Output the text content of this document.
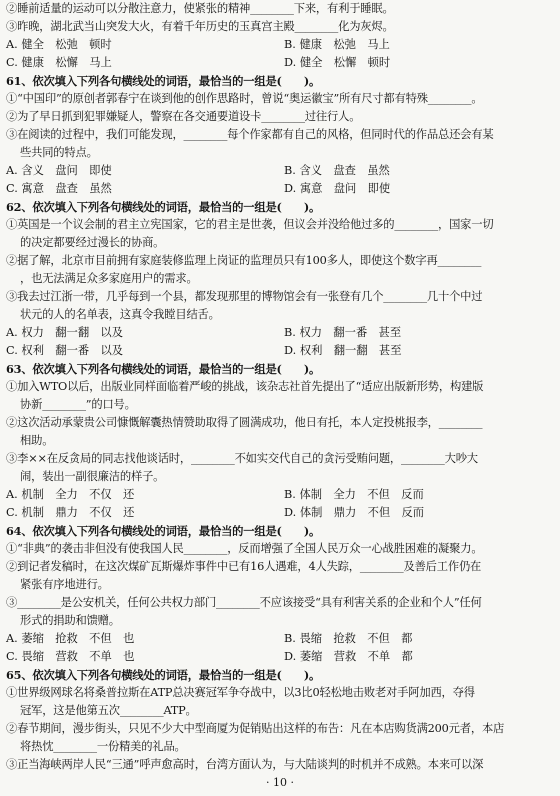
②睡前适量的运动可以分散注意力，使紧张的精神________下来，有利于睡眠。
③昨晚，湖北武当山突发大火，有着千年历史的玉真宫主殿________化为灰烬。
A. 健全　松弛　顿时	B. 健康　松弛　马上
C. 健康　松懈　马上	D. 健全　松懈　顿时
61、依次填入下列各句横线处的词语，最恰当的一组是(　　)。
①“中国印”的原创者郭春宁在谈到他的创作思路时，曾说“奥运徽宝”所有尺寸都有特殊________。
②为了早日抓到犯罪嫌疑人，警察在各交通要道设卡________过往行人。
③在阅读的过程中，我们可能发现，________每个作家都有自己的风格，但同时代的作品总还会有某
些共同的特点。
A. 含义　盘问　即使	B. 含义　盘查　虽然
C. 寓意　盘查　虽然	D. 寓意　盘问　即使
62、依次填入下列各句横线处的词语，最恰当的一组是(　　)。
①英国是一个议会制的君主立宪国家，它的君主是世袭，但议会并没给他过多的________，国家一切
的决定都要经过漫长的协商。
②据了解，北京市目前拥有家庭装修监理上岗证的监理员只有100多人，即使这个数字再________
，也无法满足众多家庭用户的需求。
③我去过江浙一带，几乎每到一个县，都发现那里的博物馆会有一张登有几个________几十个中过
状元的人的名单表，这真令我瞠目结舌。
A. 权力　翻一翻　以及	B. 权力　翻一番　甚至
C. 权利　翻一番　以及	D. 权利　翻一翻　甚至
63、依次填入下列各句横线处的词语，最恰当的一组是(　　)。
①加入WTO以后，出版业同样面临着严峻的挑战，该杂志社首先提出了“适应出版新形势，构建版
协新________”的口号。
②这次活动承蒙贵公司慷慨解囊热情赞助取得了圆满成功，他日有托，本人定投桃报李，________
相助。
③李××在反贪局的同志找他谈话时，________不如实交代自己的贪污受贿问题，________大吵大
闹，装出一副很廉洁的样子。
A. 机制　全力　不仅　还	B. 体制　全力　不但　反而
C. 机制　鼎力　不仅　还	D. 体制　鼎力　不但　反而
64、依次填入下列各句横线处的词语，最恰当的一组是(　　)。
①“非典”的袭击非但没有使我国人民________，反而增强了全国人民万众一心战胜困难的凝聚力。
②到记者发稿时，在这次煤矿瓦斯爆炸事件中已有16人遇难，4人失踪，________及善后工作仍在
紧张有序地进行。
③________是公安机关，任何公共权力部门________不应该接受“具有利害关系的企业和个人”任何
形式的捐助和馈赠。
A. 萎缩　抢救　不但　也	B. 畏缩　抢救　不但　都
C. 畏缩　营救　不单　也	D. 萎缩　营救　不单　都
65、依次填入下列各句横线处的词语，最恰当的一组是(　　)。
①世界级网球名将桑普拉斯在ATP总决赛冠军争夺战中，以3比0轻松地击败老对手阿加西，夺得
冠军，这是他第五次________ATP。
②春节期间，漫步街头，只见不少大中型商厦为促销贴出这样的布告：凡在本店购货满200元者，本店
将热忱________一份精美的礼品。
③正当海峡两岸人民“三通”呼声愈高时，台湾方面认为，与大陆谈判的时机并不成熟。本来可以深
· 10 ·
